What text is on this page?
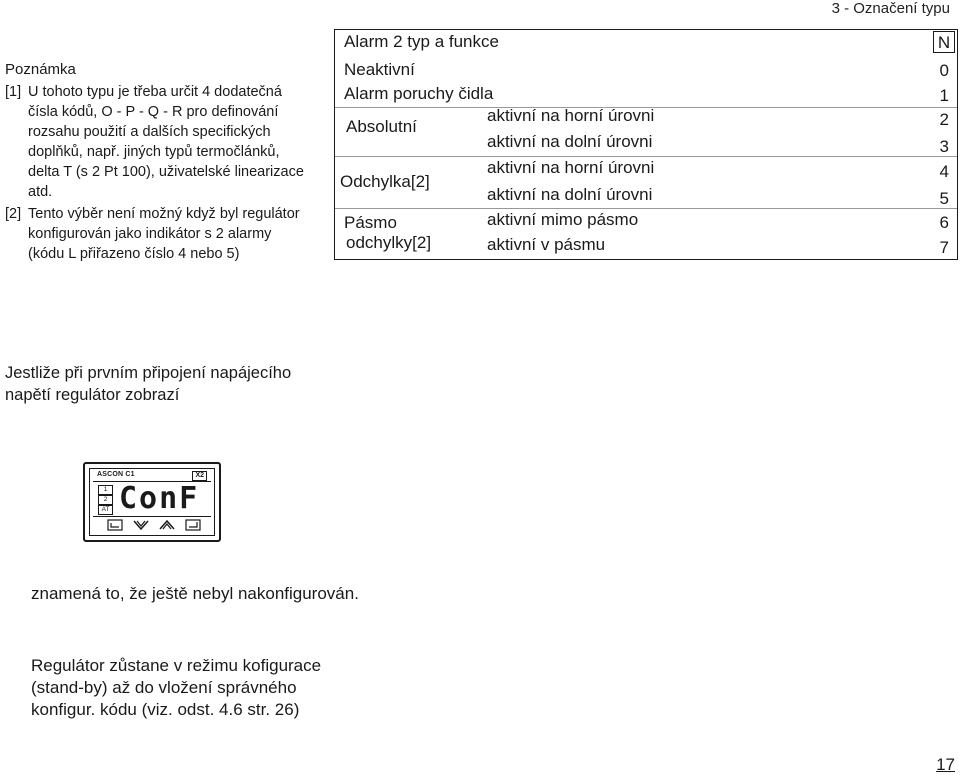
3 - Označení typu
Poznámka
[1] U tohoto typu je třeba určit 4 dodatečná čísla kódů, O - P - Q - R pro definování rozsahu použití a dalších specifických doplňků, např. jiných typů termočlánků, delta T (s 2 Pt 100), uživatelské linearizace atd.
[2] Tento výběr není možný když byl regulátor konfigurován jako indikátor s 2 alarmy (kódu L přiřazeno číslo 4 nebo 5)
Alarm 2 typ a funkce	N
Neaktivní	0
Alarm poruchy čidla	1
Absolutní
aktivní na horní úrovni	2
aktivní na dolní úrovni	3
Odchylka[2]
aktivní na horní úrovni	4
aktivní na dolní úrovni	5
Pásmo
odchylky[2]
aktivní mimo pásmo	6
aktivní v pásmu	7
Jestliže při prvním připojení napájecího napětí regulátor zobrazí
ASCON C1	X2
1
2
AT ConF
znamená to, že ještě nebyl nakonfigurován.
Regulátor zůstane v režimu kofigurace (stand-by) až do vložení správného konfigur. kódu (viz. odst. 4.6 str. 26)
17
